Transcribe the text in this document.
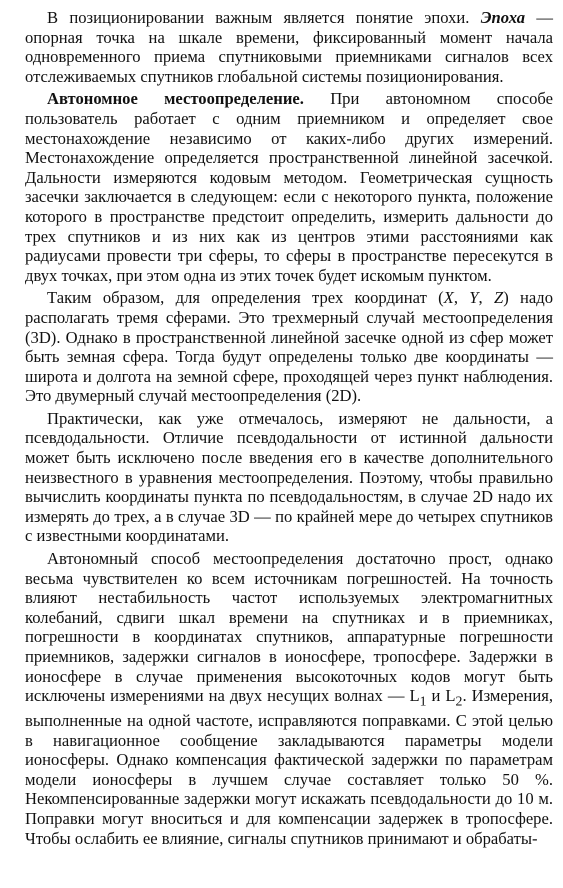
В позиционировании важным является понятие эпохи. Эпоха — опорная точка на шкале времени, фиксированный момент начала одновременного приема спутниковыми приемниками сигналов всех отслеживаемых спутников глобальной системы позиционирования.

Автономное местоопределение. При автономном способе пользователь работает с одним приемником и определяет свое местонахождение независимо от каких-либо других измерений. Местонахождение определяется пространственной линейной засечкой. Дальности измеряются кодовым методом. Геометрическая сущность засечки заключается в следующем: если с некоторого пункта, положение которого в пространстве предстоит определить, измерить дальности до трех спутников и из них как из центров этими расстояниями как радиусами провести три сферы, то сферы в пространстве пересекутся в двух точках, при этом одна из этих точек будет искомым пунктом.

Таким образом, для определения трех координат (X, Y, Z) надо располагать тремя сферами. Это трехмерный случай местоопределения (3D). Однако в пространственной линейной засечке одной из сфер может быть земная сфера. Тогда будут определены только две координаты — широта и долгота на земной сфере, проходящей через пункт наблюдения. Это двумерный случай местоопределения (2D).

Практически, как уже отмечалось, измеряют не дальности, а псевдодальности. Отличие псевдодальности от истинной дальности может быть исключено после введения его в качестве дополнительного неизвестного в уравнения местоопределения. Поэтому, чтобы правильно вычислить координаты пункта по псевдодальностям, в случае 2D надо их измерять до трех, а в случае 3D — по крайней мере до четырех спутников с известными координатами.

Автономный способ местоопределения достаточно прост, однако весьма чувствителен ко всем источникам погрешностей. На точность влияют нестабильность частот используемых электромагнитных колебаний, сдвиги шкал времени на спутниках и в приемниках, погрешности в координатах спутников, аппаратурные погрешности приемников, задержки сигналов в ионосфере, тропосфере. Задержки в ионосфере в случае применения высокоточных кодов могут быть исключены измерениями на двух несущих волнах — $L_1$ и $L_2$. Измерения, выполненные на одной частоте, исправляются поправками. С этой целью в навигационное сообщение закладываются параметры модели ионосферы. Однако компенсация фактической задержки по параметрам модели ионосферы в лучшем случае составляет только 50 %. Некомпенсированные задержки могут искажать псевдодальности до 10 м. Поправки могут вноситься и для компенсации задержек в тропосфере. Чтобы ослабить ее влияние, сигналы спутников принимают и обрабаты-
